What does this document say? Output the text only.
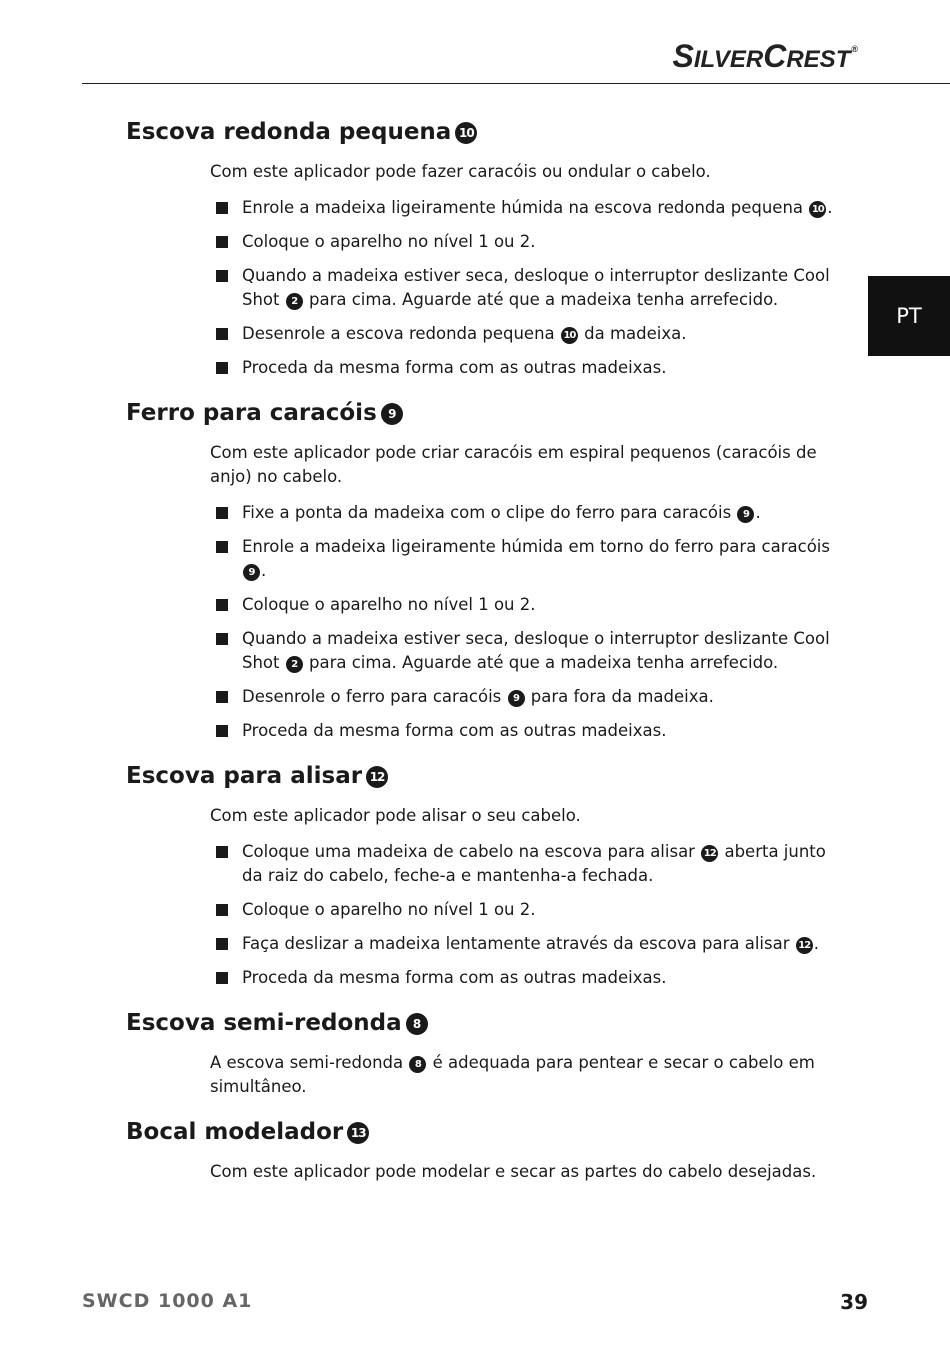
SILVERCREST®
PT
Escova redonda pequena 10

Com este aplicador pode fazer caracóis ou ondular o cabelo.

Enrole a madeixa ligeiramente húmida na escova redonda pequena 10 .
Coloque o aparelho no nível 1 ou 2.
Quando a madeixa estiver seca, desloque o interruptor deslizante Cool Shot 2 para cima. Aguarde até que a madeixa tenha arrefecido.
Desenrole a escova redonda pequena 10 da madeixa.
Proceda da mesma forma com as outras madeixas.
Ferro para caracóis 9

Com este aplicador pode criar caracóis em espiral pequenos (caracóis de anjo) no cabelo.

Fixe a ponta da madeixa com o clipe do ferro para caracóis 9 .
Enrole a madeixa ligeiramente húmida em torno do ferro para caracóis 9 .
Coloque o aparelho no nível 1 ou 2.
Quando a madeixa estiver seca, desloque o interruptor deslizante Cool Shot 2 para cima. Aguarde até que a madeixa tenha arrefecido.
Desenrole o ferro para caracóis 9 para fora da madeixa.
Proceda da mesma forma com as outras madeixas.
Escova para alisar 12

Com este aplicador pode alisar o seu cabelo.

Coloque uma madeixa de cabelo na escova para alisar 12 aberta junto da raiz do cabelo, feche-a e mantenha-a fechada.
Coloque o aparelho no nível 1 ou 2.
Faça deslizar a madeixa lentamente através da escova para alisar 12 .
Proceda da mesma forma com as outras madeixas.
Escova semi-redonda 8

A escova semi-redonda 8 é adequada para pentear e secar o cabelo em simultâneo.

Bocal modelador 13

Com este aplicador pode modelar e secar as partes do cabelo desejadas.

SWCD 1000 A1	39
